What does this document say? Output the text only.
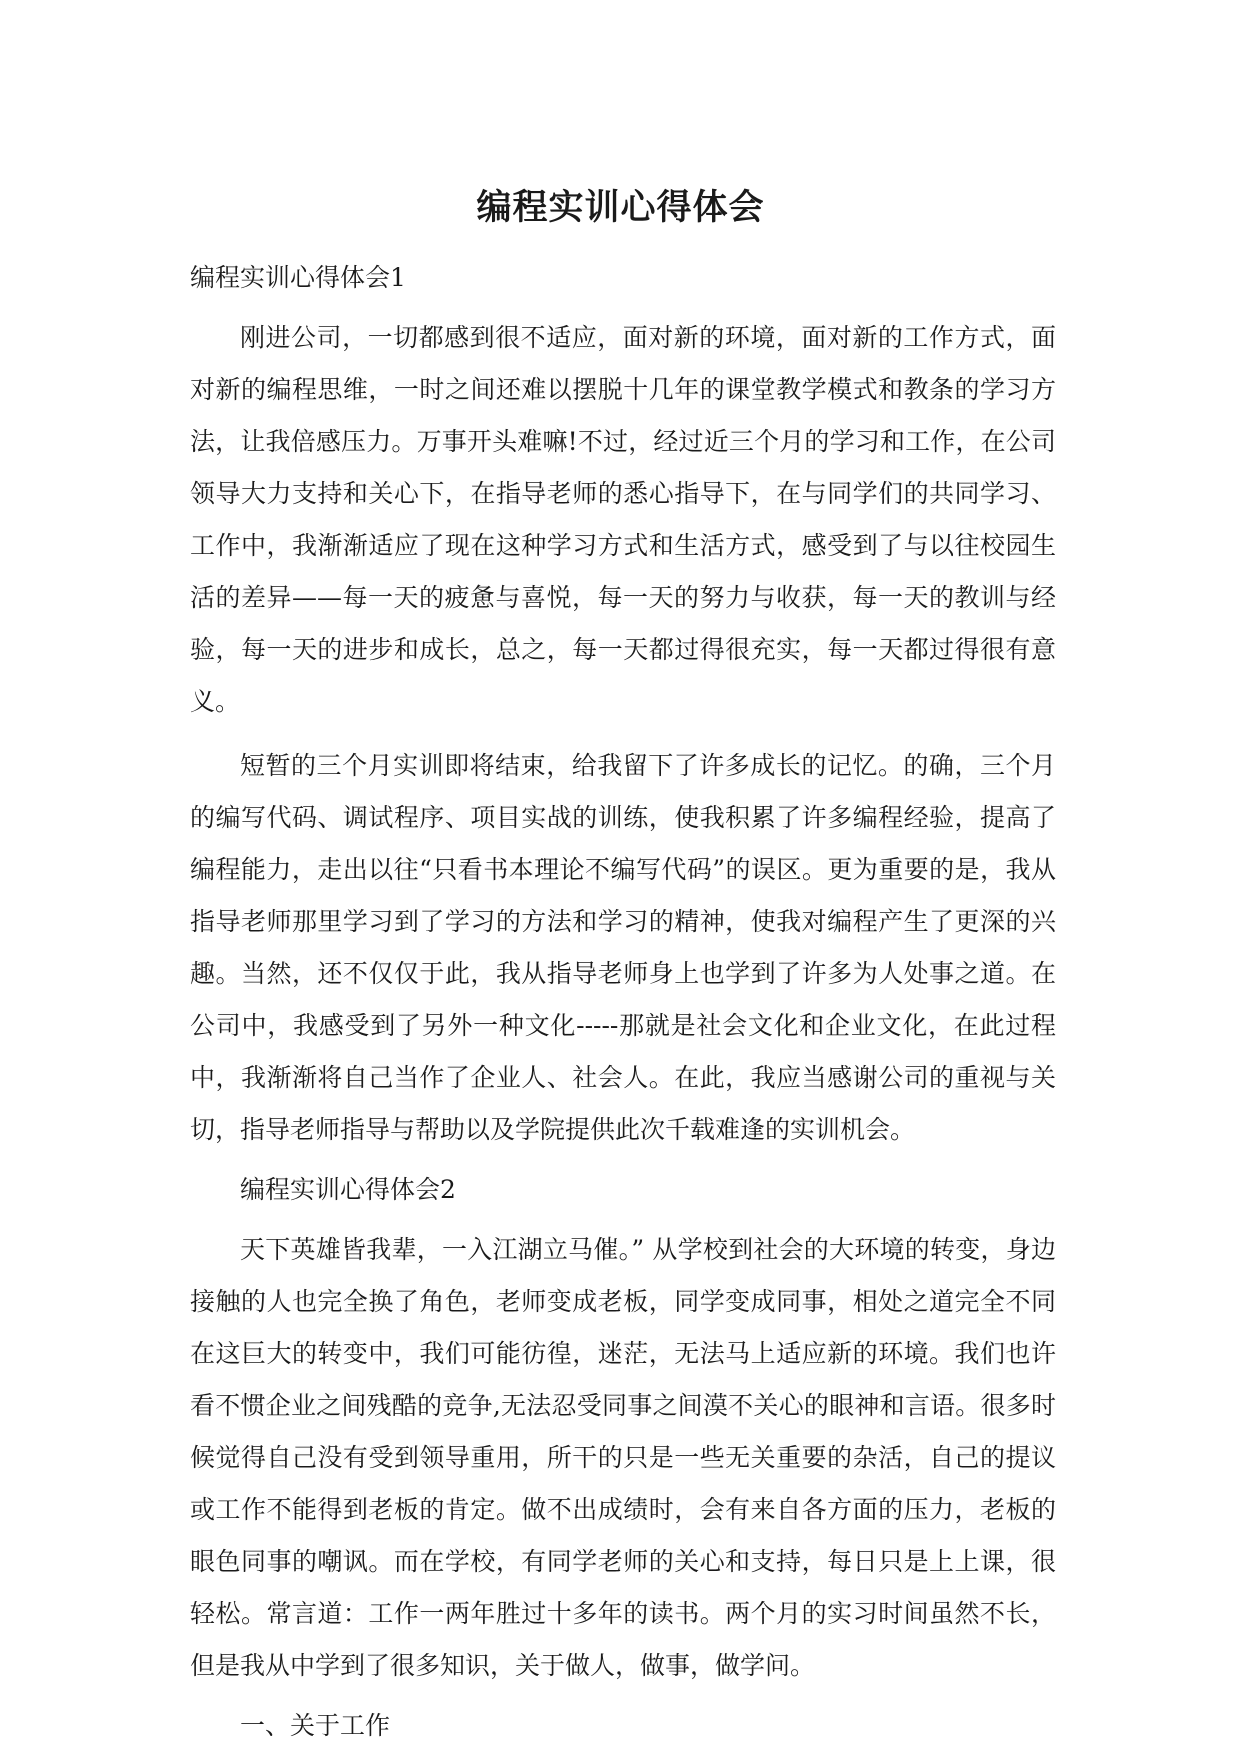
编程实训心得体会

编程实训心得体会1

刚进公司，一切都感到很不适应，面对新的环境，面对新的工作方式，面对新的编程思维，一时之间还难以摆脱十几年的课堂教学模式和教条的学习方法，让我倍感压力。万事开头难嘛!不过，经过近三个月的学习和工作，在公司领导大力支持和关心下，在指导老师的悉心指导下，在与同学们的共同学习、工作中，我渐渐适应了现在这种学习方式和生活方式，感受到了与以往校园生活的差异——每一天的疲惫与喜悦，每一天的努力与收获，每一天的教训与经验，每一天的进步和成长，总之，每一天都过得很充实，每一天都过得很有意义。

短暂的三个月实训即将结束，给我留下了许多成长的记忆。的确，三个月的编写代码、调试程序、项目实战的训练，使我积累了许多编程经验，提高了编程能力，走出以往“只看书本理论不编写代码”的误区。更为重要的是，我从指导老师那里学习到了学习的方法和学习的精神，使我对编程产生了更深的兴趣。当然，还不仅仅于此，我从指导老师身上也学到了许多为人处事之道。在公司中，我感受到了另外一种文化-----那就是社会文化和企业文化，在此过程中，我渐渐将自己当作了企业人、社会人。在此，我应当感谢公司的重视与关切，指导老师指导与帮助以及学院提供此次千载难逢的实训机会。

编程实训心得体会2

天下英雄皆我辈，一入江湖立马催。” 从学校到社会的大环境的转变，身边接触的人也完全换了角色，老师变成老板，同学变成同事，相处之道完全不同在这巨大的转变中，我们可能彷徨，迷茫，无法马上适应新的环境。我们也许看不惯企业之间残酷的竞争,无法忍受同事之间漠不关心的眼神和言语。很多时候觉得自己没有受到领导重用，所干的只是一些无关重要的杂活，自己的提议或工作不能得到老板的肯定。做不出成绩时，会有来自各方面的压力，老板的眼色同事的嘲讽。而在学校，有同学老师的关心和支持，每日只是上上课，很轻松。常言道：工作一两年胜过十多年的读书。两个月的实习时间虽然不长，但是我从中学到了很多知识，关于做人，做事，做学问。

一、关于工作
